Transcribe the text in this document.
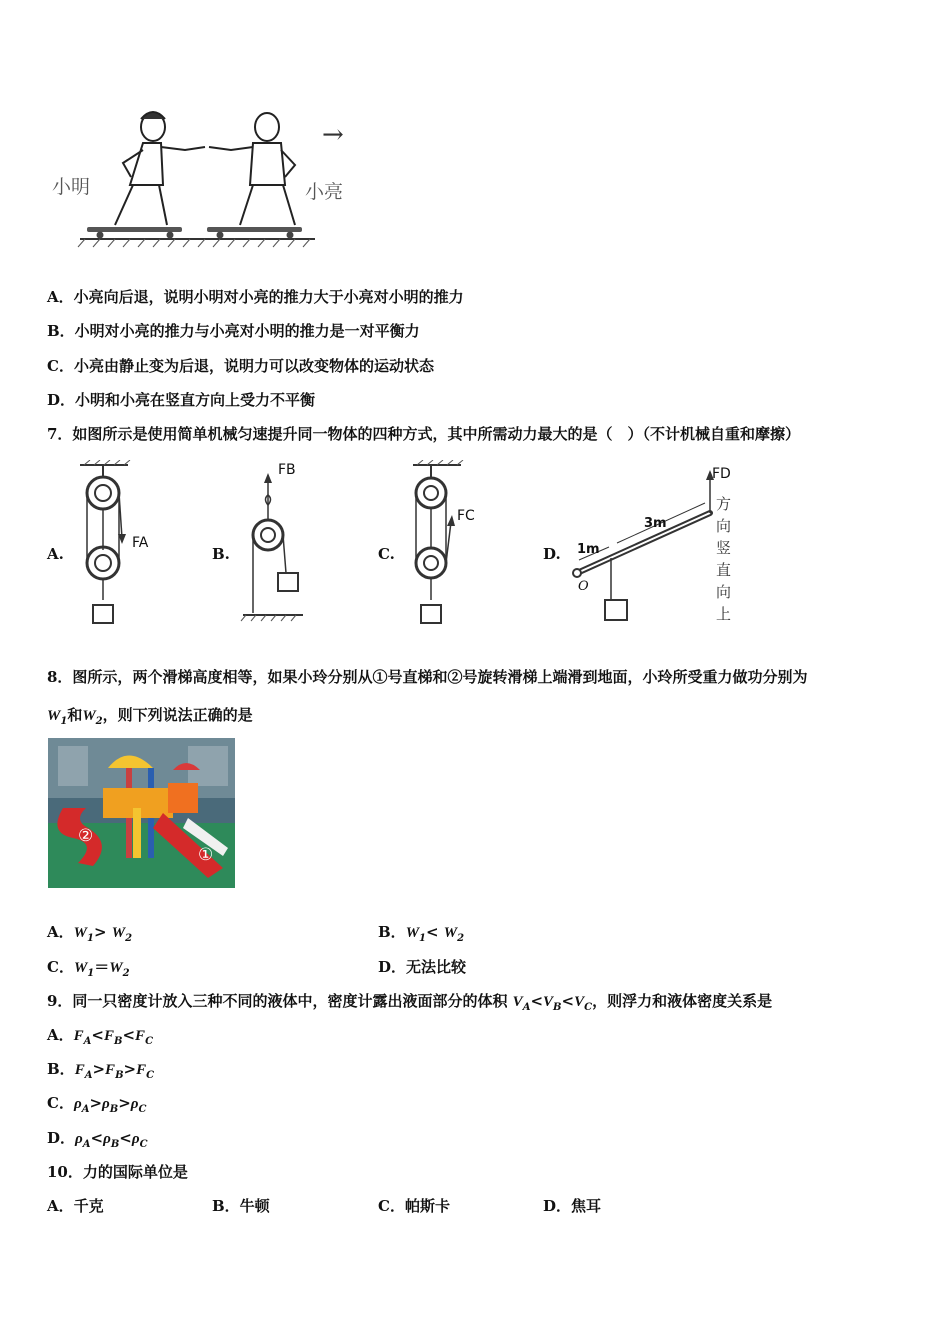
小明	小亮
→
A．小亮向后退，说明小明对小亮的推力大于小亮对小明的推力
B．小明对小亮的推力与小亮对小明的推力是一对平衡力
C．小亮由静止变为后退，说明力可以改变物体的运动状态
D．小明和小亮在竖直方向上受力不平衡
7．如图所示是使用简单机械匀速提升同一物体的四种方式，其中所需动力最大的是（　）（不计机械自重和摩擦）
A.	B.	C.	D.
FA
FB
FC
FD
1m
3m
O
方
向
竖
直
向
上
8．图所示，两个滑梯高度相等，如果小玲分别从①号直梯和②号旋转滑梯上端滑到地面，小玲所受重力做功分别为
$W_1$和$W_2$，则下列说法正确的是
②
①
A．$W_1> W_2$	B．$W_1< W_2$
C．$W_1=W_2$	D．无法比较
9．同一只密度计放入三种不同的液体中，密度计露出液面部分的体积 $V_A<V_B<V_C$，则浮力和液体密度关系是
A．$F_A<F_B<F_C$
B．$F_A>F_B>F_C$
C．$\rho_A>\rho_B>\rho_C$
D．$\rho_A<\rho_B<\rho_C$
10．力的国际单位是
A．千克	B．牛顿	C．帕斯卡	D．焦耳
